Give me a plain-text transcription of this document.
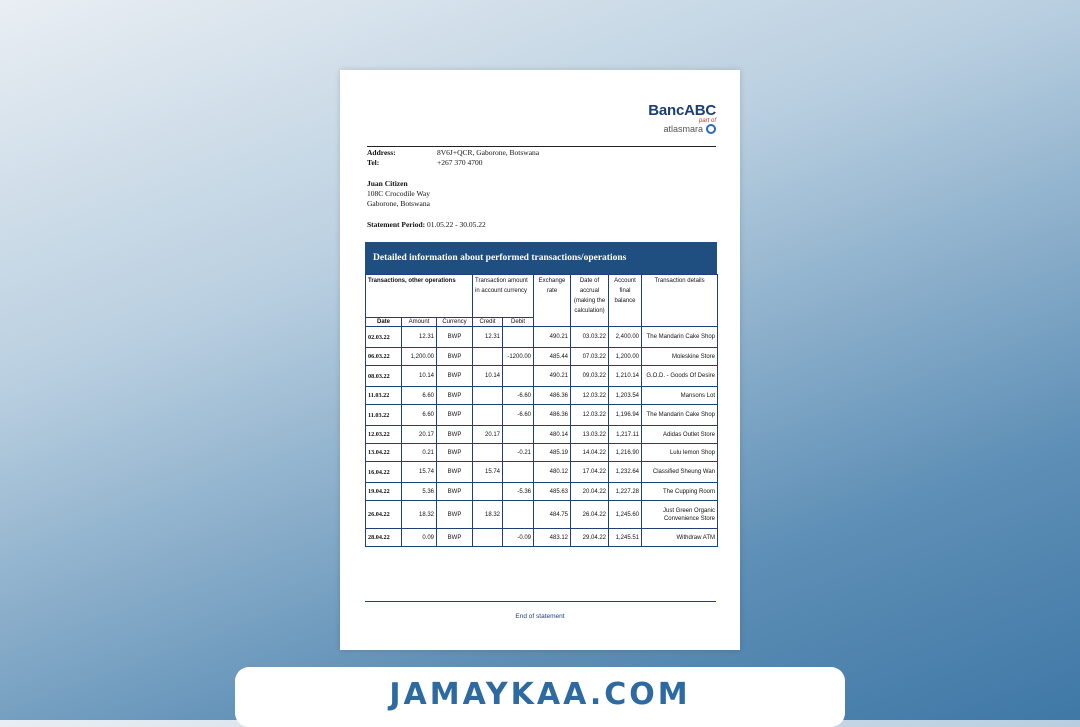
BancABC
part of
atlasmara
Address:	8V6J+QCR, Gaborone, Botswana
Tel:	+267 370 4700
Juan Citizen
108C Crocodile Way
Gaborone, Botswana
Statement Period: 01.05.22 - 30.05.22
Detailed information about performed transactions/operations
Transactions, other operations			Transaction amount in account currency		Exchange rate	Date of accrual (making the calculation)	Account final balance	Transaction details
Date	Amount	Currency	Credit	Debit				
02.03.22	12.31	BWP	12.31		490.21	03.03.22	2,400.00	The Mandarin Cake Shop
06.03.22	1,200.00	BWP		-1200.00	485.44	07.03.22	1,200.00	Moleskine Store
08.03.22	10.14	BWP	10.14		490.21	09.03.22	1,210.14	G.O.D. - Goods Of Desire
11.03.22	6.60	BWP		-6.60	486.36	12.03.22	1,203.54	Mansons Lot
11.03.22	6.60	BWP		-6.60	486.36	12.03.22	1,196.94	The Mandarin Cake Shop
12.03.22	20.17	BWP	20.17		480.14	13.03.22	1,217.11	Adidas Outlet Store
13.04.22	0.21	BWP		-0.21	485.19	14.04.22	1,216.90	Lulu lemon Shop
16.04.22	15.74	BWP	15.74		480.12	17.04.22	1,232.64	Classified Sheung Wan
19.04.22	5.36	BWP		-5.36	485.63	20.04.22	1,227.28	The Cupping Room
26.04.22	18.32	BWP	18.32		484.75	26.04.22	1,245.60	Just Green Organic Convenience Store
28.04.22	0.09	BWP		-0.09	483.12	29.04.22	1,245.51	Withdraw ATM
End of statement
JAMAYKAA.COM
